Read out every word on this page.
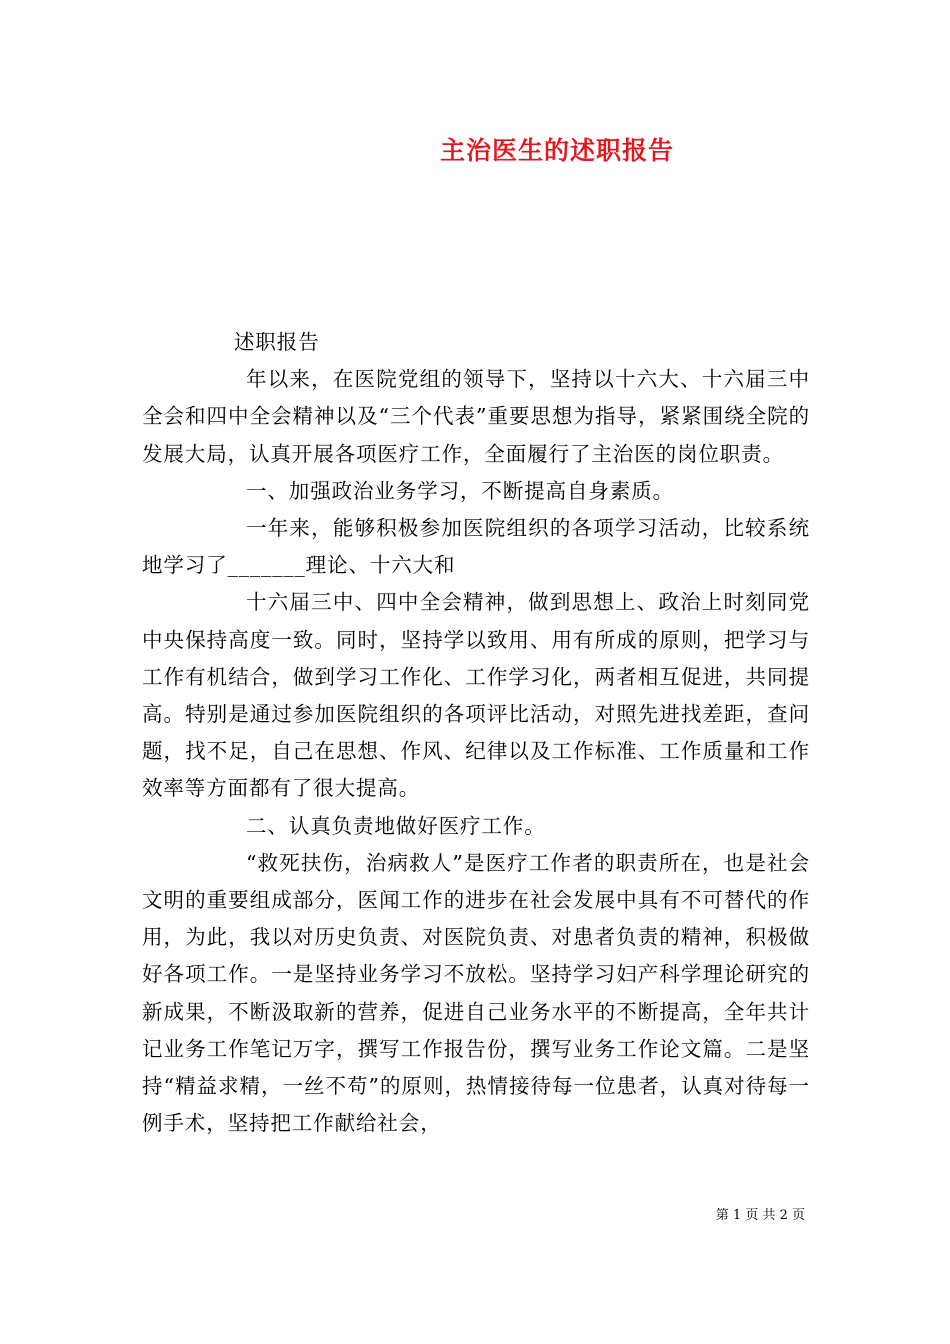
主治医生的述职报告

述职报告

年以来，在医院党组的领导下，坚持以十六大、十六届三中全会和四中全会精神以及“三个代表”重要思想为指导，紧紧围绕全院的发展大局，认真开展各项医疗工作，全面履行了主治医的岗位职责。

一、加强政治业务学习，不断提高自身素质。

一年来，能够积极参加医院组织的各项学习活动，比较系统地学习了_______理论、十六大和

十六届三中、四中全会精神，做到思想上、政治上时刻同党中央保持高度一致。同时，坚持学以致用、用有所成的原则，把学习与工作有机结合，做到学习工作化、工作学习化，两者相互促进，共同提高。特别是通过参加医院组织的各项评比活动，对照先进找差距，查问题，找不足，自己在思想、作风、纪律以及工作标准、工作质量和工作效率等方面都有了很大提高。

二、认真负责地做好医疗工作。

“救死扶伤，治病救人”是医疗工作者的职责所在，也是社会文明的重要组成部分，医闻工作的进步在社会发展中具有不可替代的作用，为此，我以对历史负责、对医院负责、对患者负责的精神，积极做好各项工作。一是坚持业务学习不放松。坚持学习妇产科学理论研究的新成果，不断汲取新的营养，促进自己业务水平的不断提高，全年共计记业务工作笔记万字，撰写工作报告份，撰写业务工作论文篇。二是坚持“精益求精，一丝不苟”的原则，热情接待每一位患者，认真对待每一例手术，坚持把工作献给社会，

第 1 页 共 2 页
